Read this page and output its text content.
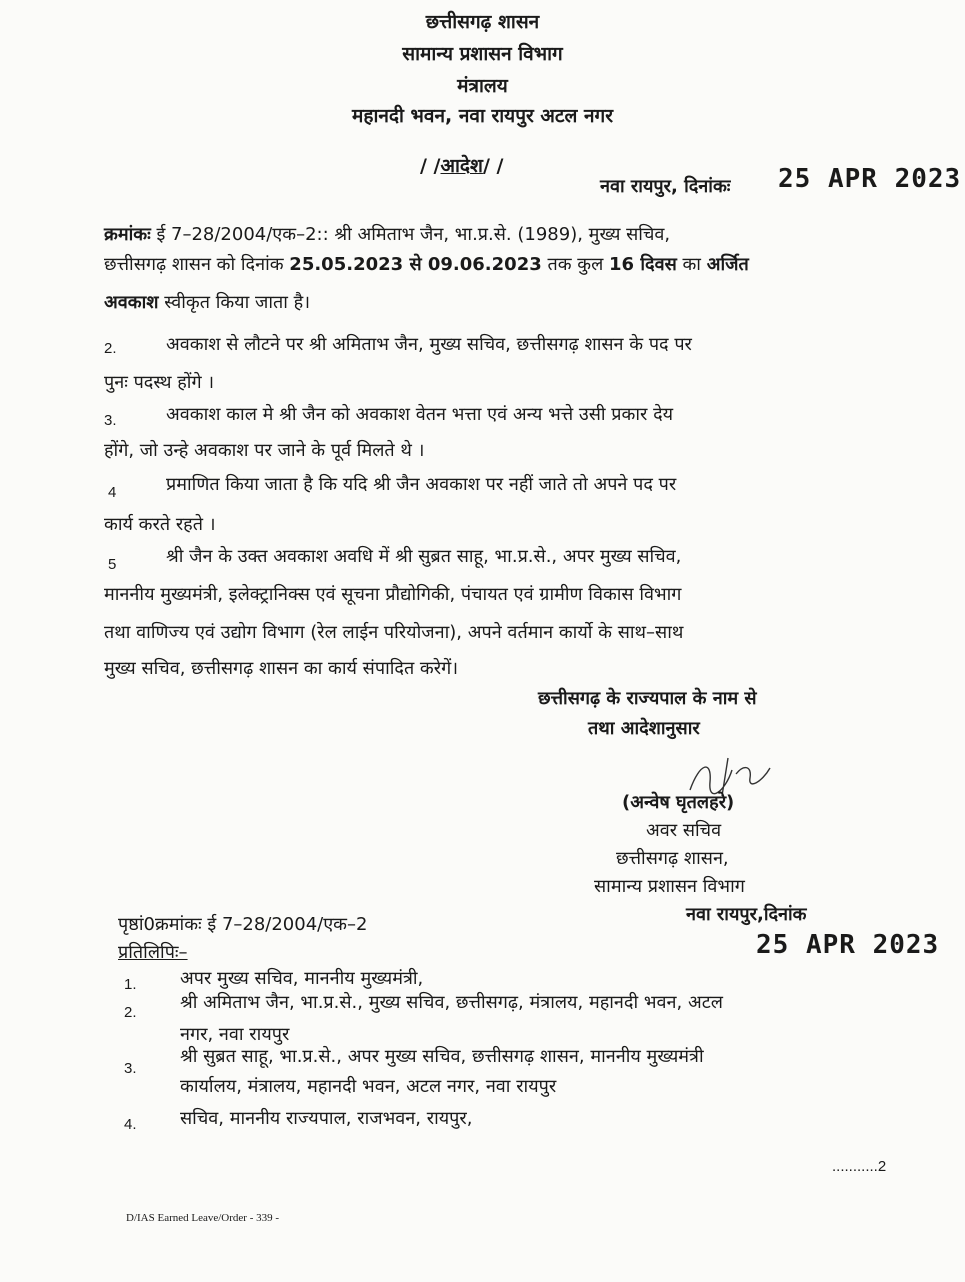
छत्तीसगढ़ शासन
सामान्य प्रशासन विभाग
मंत्रालय
महानदी भवन, नवा रायपुर अटल नगर
/ /आदेश/ /
नवा रायपुर, दिनांकः 25 APR 2023
क्रमांकः ई 7–28/2004/एक–2:: श्री अमिताभ जैन, भा.प्र.से. (1989), मुख्य सचिव,
छत्तीसगढ़ शासन को दिनांक 25.05.2023 से 09.06.2023 तक कुल 16 दिवस का अर्जित
अवकाश स्वीकृत किया जाता है।
2.	अवकाश से लौटने पर श्री अमिताभ जैन, मुख्य सचिव, छत्तीसगढ़ शासन के पद पर
पुनः पदस्थ होंगे ।
3.	अवकाश काल मे श्री जैन को अवकाश वेतन भत्ता एवं अन्य भत्ते उसी प्रकार देय
होंगे, जो उन्हे अवकाश पर जाने के पूर्व मिलते थे ।
4	प्रमाणित किया जाता है कि यदि श्री जैन अवकाश पर नहीं जाते तो अपने पद पर
कार्य करते रहते ।
5	श्री जैन के उक्त अवकाश अवधि में श्री सुब्रत साहू, भा.प्र.से., अपर मुख्य सचिव,
माननीय मुख्यमंत्री, इलेक्ट्रानिक्स एवं सूचना प्रौद्योगिकी, पंचायत एवं ग्रामीण विकास विभाग
तथा वाणिज्य एवं उद्योग विभाग (रेल लाईन परियोजना), अपने वर्तमान कार्यो के साथ–साथ
मुख्य सचिव, छत्तीसगढ़ शासन का कार्य संपादित करेगें।
छत्तीसगढ़ के राज्यपाल के नाम से
तथा आदेशानुसार
(अन्वेष घृतलहरे)
अवर सचिव
छत्तीसगढ़ शासन,
सामान्य प्रशासन विभाग
पृष्ठां0क्रमांकः ई 7–28/2004/एक–2	नवा रायपुर,दिनांक
25 APR 2023
प्रतिलिपिः–
1. अपर मुख्य सचिव, माननीय मुख्यमंत्री,
2. श्री अमिताभ जैन, भा.प्र.से., मुख्य सचिव, छत्तीसगढ़, मंत्रालय, महानदी भवन, अटल
नगर, नवा रायपुर
3.
श्री सुब्रत साहू, भा.प्र.से., अपर मुख्य सचिव, छत्तीसगढ़ शासन, माननीय मुख्यमंत्री
कार्यालय, मंत्रालय, महानदी भवन, अटल नगर, नवा रायपुर
4. सचिव, माननीय राज्यपाल, राजभवन, रायपुर,
...........2
D/IAS Earned Leave/Order - 339 -
